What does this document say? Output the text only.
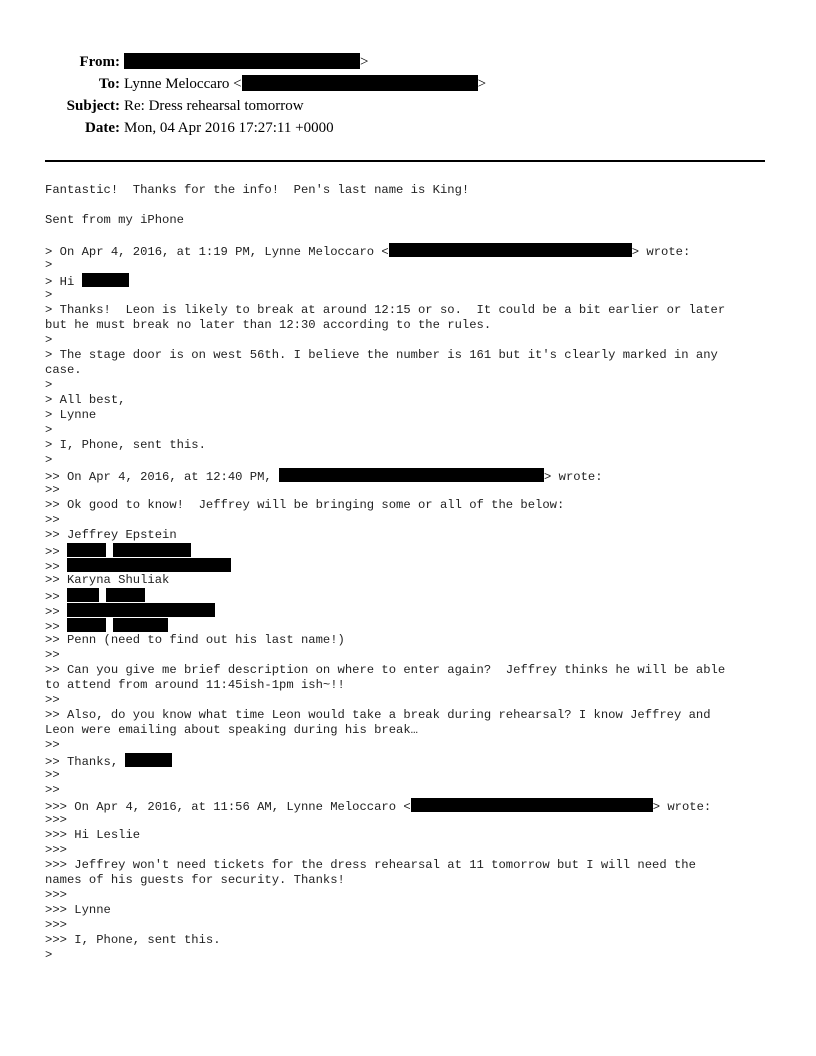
From:	>
To: Lynne Meloccaro <	>
Subject: Re: Dress rehearsal tomorrow
Date: Mon, 04 Apr 2016 17:27:11 +0000
Fantastic!  Thanks for the info!  Pen's last name is King!
Sent from my iPhone
> On Apr 4, 2016, at 1:19 PM, Lynne Meloccaro <	> wrote:
>
> Hi
>
> Thanks!  Leon is likely to break at around 12:15 or so.  It could be a bit earlier or later
but he must break no later than 12:30 according to the rules.
>
> The stage door is on west 56th. I believe the number is 161 but it's clearly marked in any
case.
>
> All best,
> Lynne
>
> I, Phone, sent this.
>
>> On Apr 4, 2016, at 12:40 PM,	> wrote:
>>
>> Ok good to know!  Jeffrey will be bringing some or all of the below:
>>
>> Jeffrey Epstein
>>
>>
>> Karyna Shuliak
>>
>>
>>
>> Penn (need to find out his last name!)
>>
>> Can you give me brief description on where to enter again?  Jeffrey thinks he will be able
to attend from around 11:45ish-1pm ish~!!
>>
>> Also, do you know what time Leon would take a break during rehearsal? I know Jeffrey and
Leon were emailing about speaking during his break…
>>
>> Thanks,
>>
>>
>>> On Apr 4, 2016, at 11:56 AM, Lynne Meloccaro <	> wrote:
>>>
>>> Hi Leslie
>>>
>>> Jeffrey won't need tickets for the dress rehearsal at 11 tomorrow but I will need the
names of his guests for security. Thanks!
>>>
>>> Lynne
>>>
>>> I, Phone, sent this.
>
